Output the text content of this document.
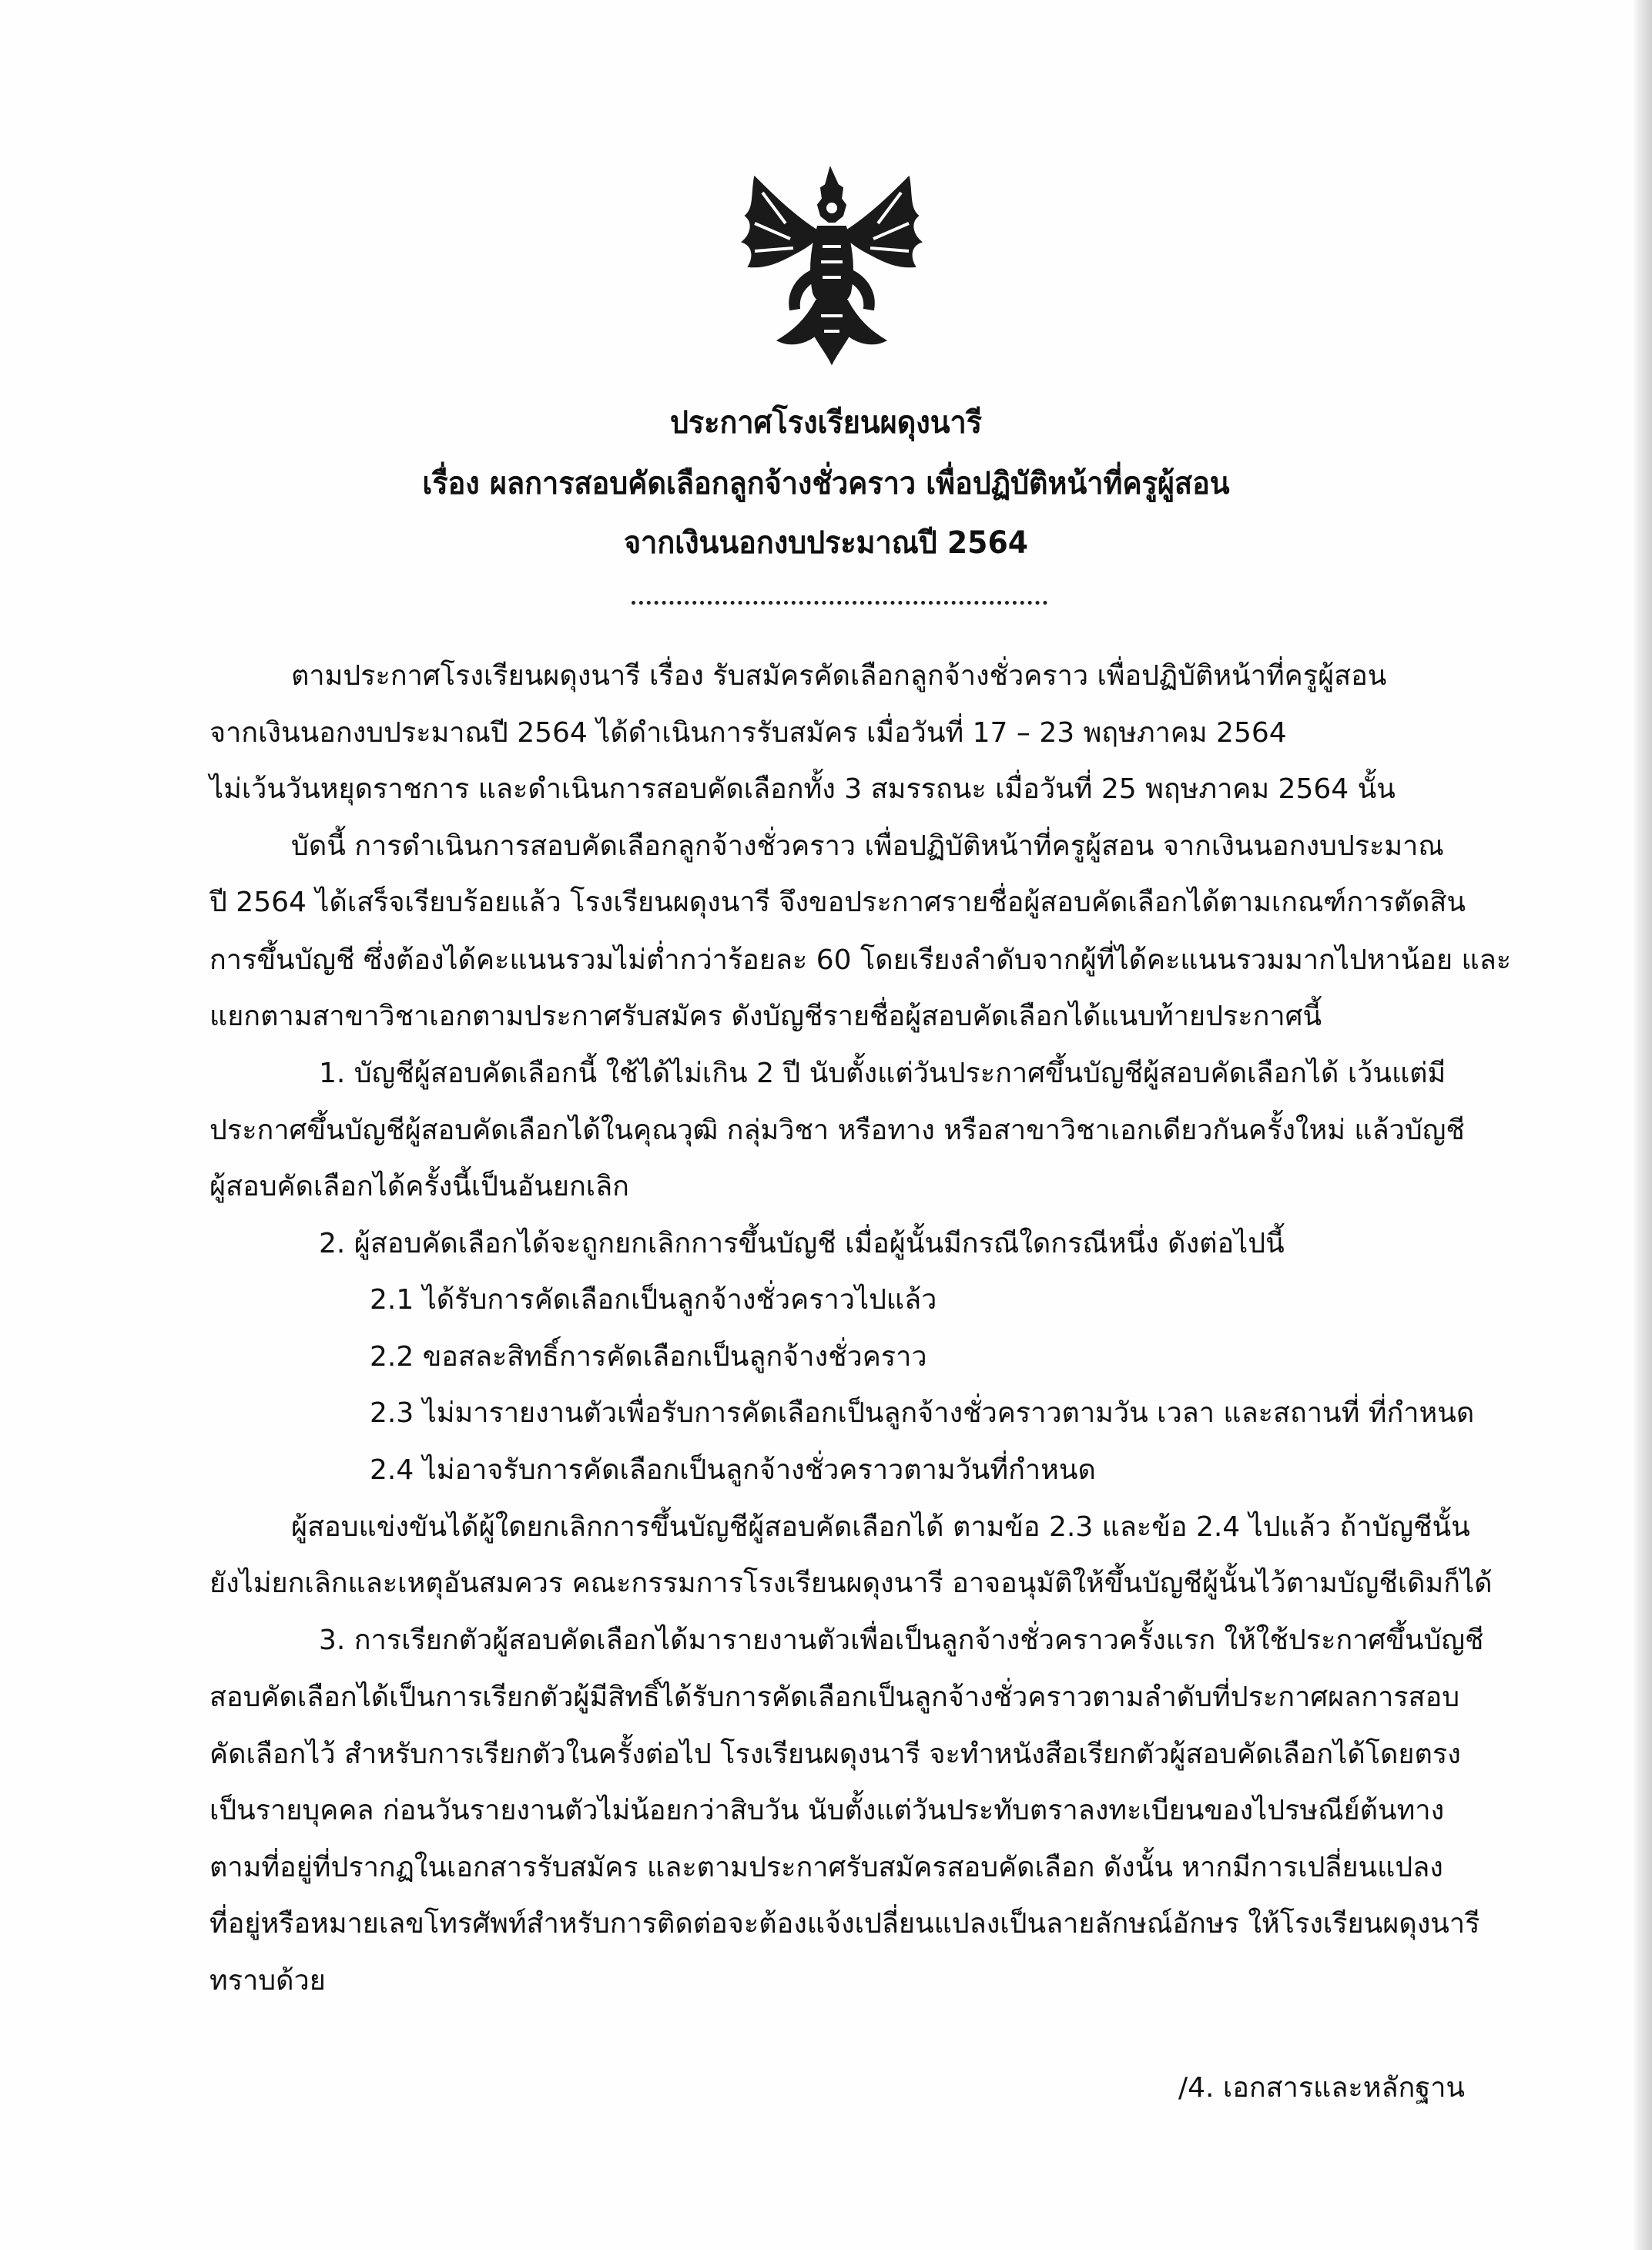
ประกาศโรงเรียนผดุงนารี
เรื่อง ผลการสอบคัดเลือกลูกจ้างชั่วคราว เพื่อปฏิบัติหน้าที่ครูผู้สอน
จากเงินนอกงบประมาณปี 2564
ตามประกาศโรงเรียนผดุงนารี เรื่อง รับสมัครคัดเลือกลูกจ้างชั่วคราว เพื่อปฏิบัติหน้าที่ครูผู้สอน
จากเงินนอกงบประมาณปี 2564 ได้ดำเนินการรับสมัคร เมื่อวันที่ 17 – 23 พฤษภาคม 2564
ไม่เว้นวันหยุดราชการ และดำเนินการสอบคัดเลือกทั้ง 3 สมรรถนะ เมื่อวันที่ 25 พฤษภาคม 2564 นั้น
บัดนี้ การดำเนินการสอบคัดเลือกลูกจ้างชั่วคราว เพื่อปฏิบัติหน้าที่ครูผู้สอน จากเงินนอกงบประมาณ
ปี 2564 ได้เสร็จเรียบร้อยแล้ว โรงเรียนผดุงนารี จึงขอประกาศรายชื่อผู้สอบคัดเลือกได้ตามเกณฑ์การตัดสิน
การขึ้นบัญชี ซึ่งต้องได้คะแนนรวมไม่ต่ำกว่าร้อยละ 60 โดยเรียงลำดับจากผู้ที่ได้คะแนนรวมมากไปหาน้อย และ
แยกตามสาขาวิชาเอกตามประกาศรับสมัคร ดังบัญชีรายชื่อผู้สอบคัดเลือกได้แนบท้ายประกาศนี้
1. บัญชีผู้สอบคัดเลือกนี้ ใช้ได้ไม่เกิน 2 ปี นับตั้งแต่วันประกาศขึ้นบัญชีผู้สอบคัดเลือกได้ เว้นแต่มี
ประกาศขึ้นบัญชีผู้สอบคัดเลือกได้ในคุณวุฒิ กลุ่มวิชา หรือทาง หรือสาขาวิชาเอกเดียวกันครั้งใหม่ แล้วบัญชี
ผู้สอบคัดเลือกได้ครั้งนี้เป็นอันยกเลิก
2. ผู้สอบคัดเลือกได้จะถูกยกเลิกการขึ้นบัญชี เมื่อผู้นั้นมีกรณีใดกรณีหนึ่ง ดังต่อไปนี้
2.1 ได้รับการคัดเลือกเป็นลูกจ้างชั่วคราวไปแล้ว
2.2 ขอสละสิทธิ์การคัดเลือกเป็นลูกจ้างชั่วคราว
2.3 ไม่มารายงานตัวเพื่อรับการคัดเลือกเป็นลูกจ้างชั่วคราวตามวัน เวลา และสถานที่ ที่กำหนด
2.4 ไม่อาจรับการคัดเลือกเป็นลูกจ้างชั่วคราวตามวันที่กำหนด
ผู้สอบแข่งขันได้ผู้ใดยกเลิกการขึ้นบัญชีผู้สอบคัดเลือกได้ ตามข้อ 2.3 และข้อ 2.4 ไปแล้ว ถ้าบัญชีนั้น
ยังไม่ยกเลิกและเหตุอันสมควร คณะกรรมการโรงเรียนผดุงนารี อาจอนุมัติให้ขึ้นบัญชีผู้นั้นไว้ตามบัญชีเดิมก็ได้
3. การเรียกตัวผู้สอบคัดเลือกได้มารายงานตัวเพื่อเป็นลูกจ้างชั่วคราวครั้งแรก ให้ใช้ประกาศขึ้นบัญชี
สอบคัดเลือกได้เป็นการเรียกตัวผู้มีสิทธิ์ได้รับการคัดเลือกเป็นลูกจ้างชั่วคราวตามลำดับที่ประกาศผลการสอบ
คัดเลือกไว้ สำหรับการเรียกตัวในครั้งต่อไป โรงเรียนผดุงนารี จะทำหนังสือเรียกตัวผู้สอบคัดเลือกได้โดยตรง
เป็นรายบุคคล ก่อนวันรายงานตัวไม่น้อยกว่าสิบวัน นับตั้งแต่วันประทับตราลงทะเบียนของไปรษณีย์ต้นทาง
ตามที่อยู่ที่ปรากฏในเอกสารรับสมัคร และตามประกาศรับสมัครสอบคัดเลือก ดังนั้น หากมีการเปลี่ยนแปลง
ที่อยู่หรือหมายเลขโทรศัพท์สำหรับการติดต่อจะต้องแจ้งเปลี่ยนแปลงเป็นลายลักษณ์อักษร ให้โรงเรียนผดุงนารี
ทราบด้วย
/4. เอกสารและหลักฐาน
